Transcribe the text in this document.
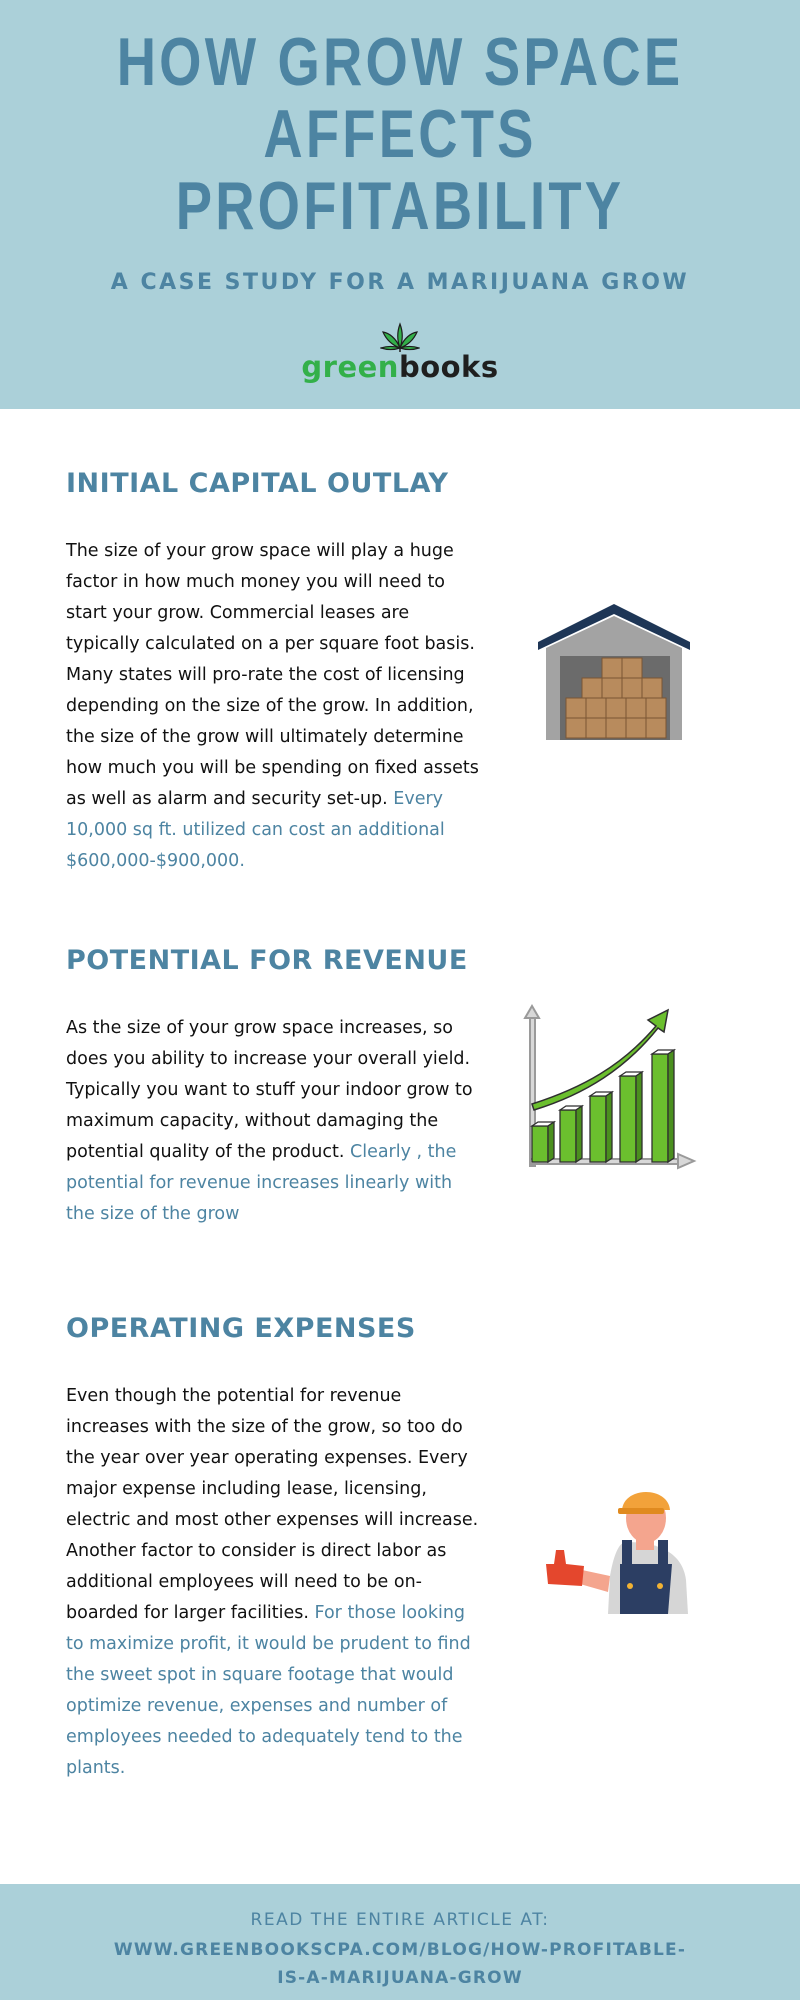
HOW GROW SPACE
AFFECTS
PROFITABILITY
A CASE STUDY FOR A MARIJUANA GROW
greenbooks
INITIAL CAPITAL OUTLAY
The size of your grow space will play a huge factor in how much money you will need to start your grow. Commercial leases are typically calculated on a per square foot basis. Many states will pro-rate the cost of licensing depending on the size of the grow. In addition, the size of the grow will ultimately determine how much you will be spending on fixed assets as well as alarm and security set-up. Every 10,000 sq ft. utilized can cost an additional $600,000-$900,000.
POTENTIAL FOR REVENUE
As the size of your grow space increases, so does you ability to increase your overall yield. Typically you want to stuff your indoor grow to maximum capacity, without damaging the potential quality of the product. Clearly , the potential for revenue increases linearly with the size of the grow
OPERATING EXPENSES
Even though the potential for revenue increases with the size of the grow, so too do the year over year operating expenses. Every major expense including lease, licensing, electric and most other expenses will increase. Another factor to consider is direct labor as additional employees will need to be on-boarded for larger facilities. For those looking to maximize profit, it would be prudent to find the sweet spot in square footage that would optimize revenue, expenses and number of employees needed to adequately tend to the plants.
READ THE ENTIRE ARTICLE AT:
WWW.GREENBOOKSCPA.COM/BLOG/HOW-PROFITABLE-IS-A-MARIJUANA-GROW
